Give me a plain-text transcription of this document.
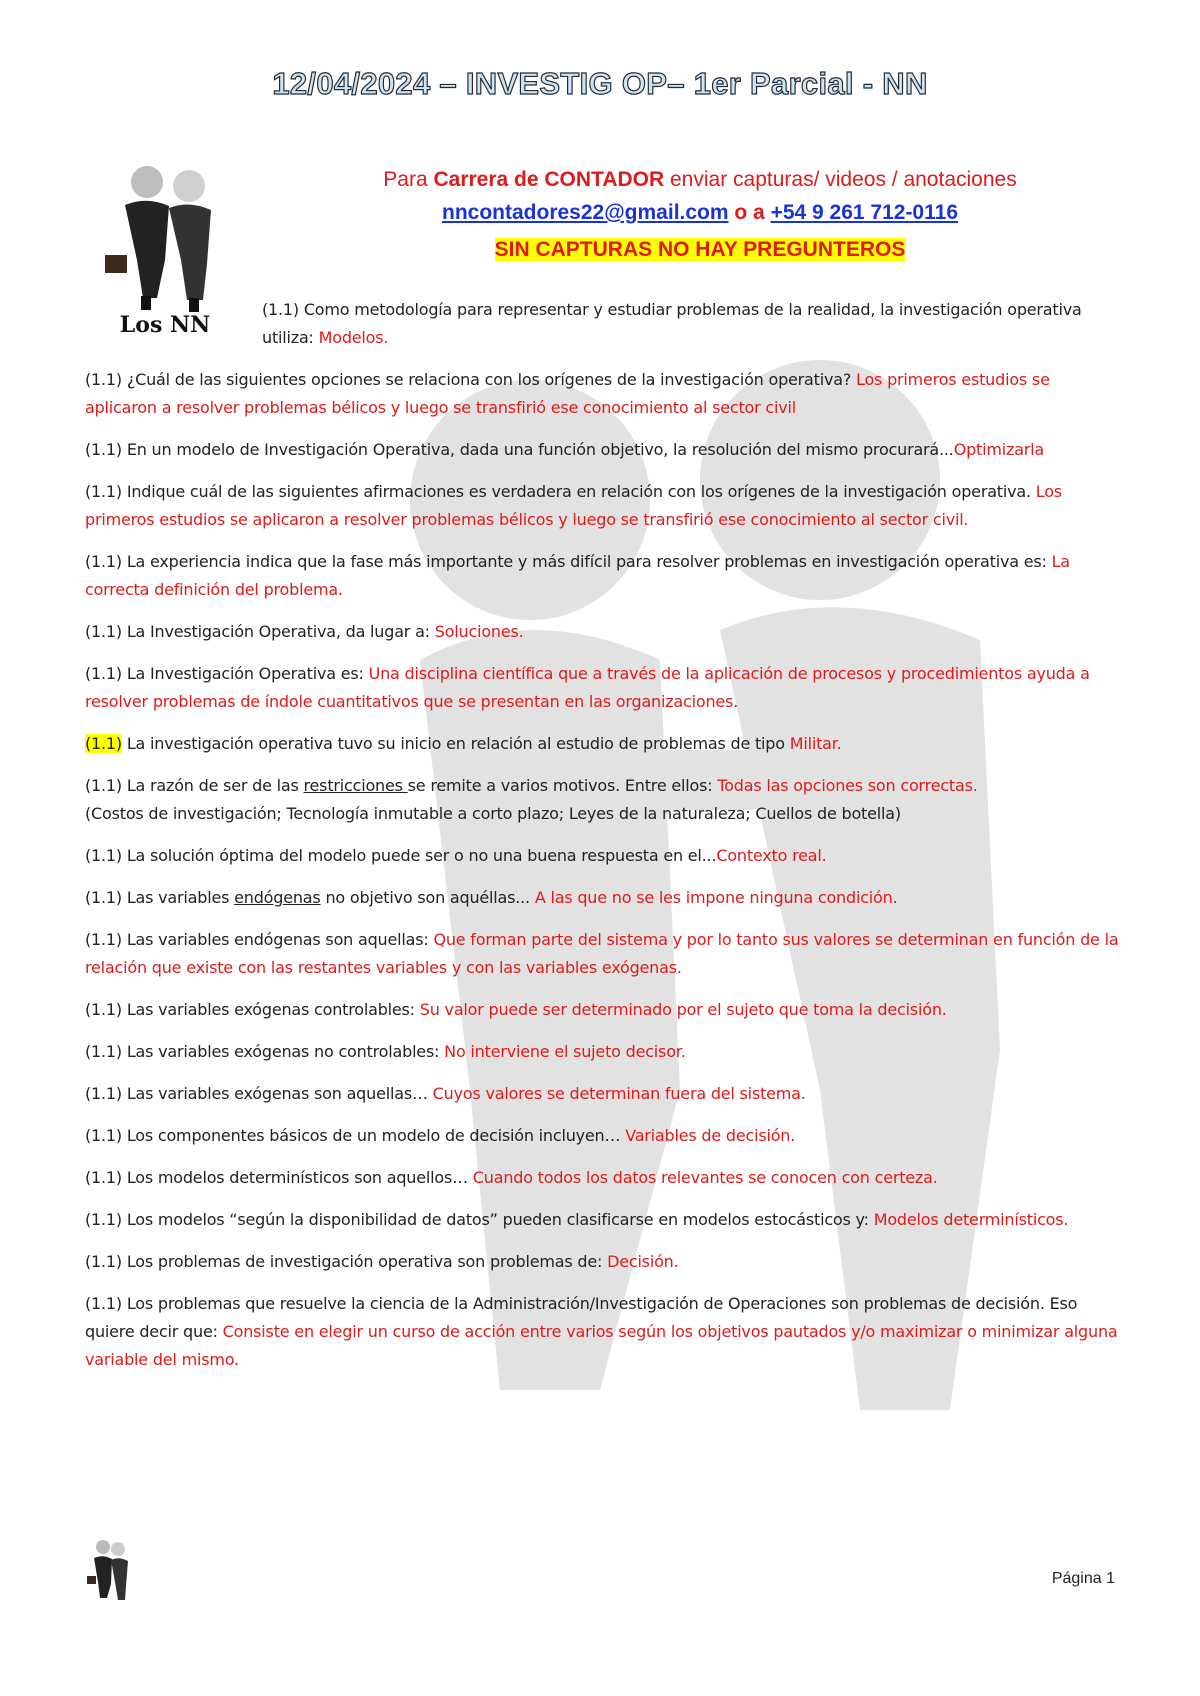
12/04/2024 – INVESTIG OP– 1er Parcial - NN
Los NN
Para Carrera de CONTADOR enviar capturas/ videos / anotaciones
nncontadores22@gmail.com o a +54 9 261 712-0116
SIN CAPTURAS NO HAY PREGUNTEROS

(1.1) Como metodología para representar y estudiar problemas de la realidad, la investigación operativa utiliza: Modelos.

(1.1) ¿Cuál de las siguientes opciones se relaciona con los orígenes de la investigación operativa? Los primeros estudios se aplicaron a resolver problemas bélicos y luego se transfirió ese conocimiento al sector civil

(1.1) En un modelo de Investigación Operativa, dada una función objetivo, la resolución del mismo procurará...Optimizarla

(1.1) Indique cuál de las siguientes afirmaciones es verdadera en relación con los orígenes de la investigación operativa. Los primeros estudios se aplicaron a resolver problemas bélicos y luego se transfirió ese conocimiento al sector civil.

(1.1) La experiencia indica que la fase más importante y más difícil para resolver problemas en investigación operativa es: La correcta definición del problema.

(1.1) La Investigación Operativa, da lugar a: Soluciones.

(1.1) La Investigación Operativa es: Una disciplina científica que a través de la aplicación de procesos y procedimientos ayuda a resolver problemas de índole cuantitativos que se presentan en las organizaciones.

(1.1) La investigación operativa tuvo su inicio en relación al estudio de problemas de tipo Militar.

(1.1) La razón de ser de las restricciones se remite a varios motivos. Entre ellos: Todas las opciones son correctas.
(Costos de investigación; Tecnología inmutable a corto plazo; Leyes de la naturaleza; Cuellos de botella)

(1.1) La solución óptima del modelo puede ser o no una buena respuesta en el...Contexto real.

(1.1) Las variables endógenas no objetivo son aquéllas... A las que no se les impone ninguna condición.

(1.1) Las variables endógenas son aquellas: Que forman parte del sistema y por lo tanto sus valores se determinan en función de la relación que existe con las restantes variables y con las variables exógenas.

(1.1) Las variables exógenas controlables: Su valor puede ser determinado por el sujeto que toma la decisión.

(1.1) Las variables exógenas no controlables: No interviene el sujeto decisor.

(1.1) Las variables exógenas son aquellas… Cuyos valores se determinan fuera del sistema.

(1.1) Los componentes básicos de un modelo de decisión incluyen… Variables de decisión.

(1.1) Los modelos determinísticos son aquellos… Cuando todos los datos relevantes se conocen con certeza.

(1.1) Los modelos “según la disponibilidad de datos” pueden clasificarse en modelos estocásticos y: Modelos determinísticos.

(1.1) Los problemas de investigación operativa son problemas de: Decisión.

(1.1) Los problemas que resuelve la ciencia de la Administración/Investigación de Operaciones son problemas de decisión. Eso quiere decir que: Consiste en elegir un curso de acción entre varios según los objetivos pautados y/o maximizar o minimizar alguna variable del mismo.

Página 1
